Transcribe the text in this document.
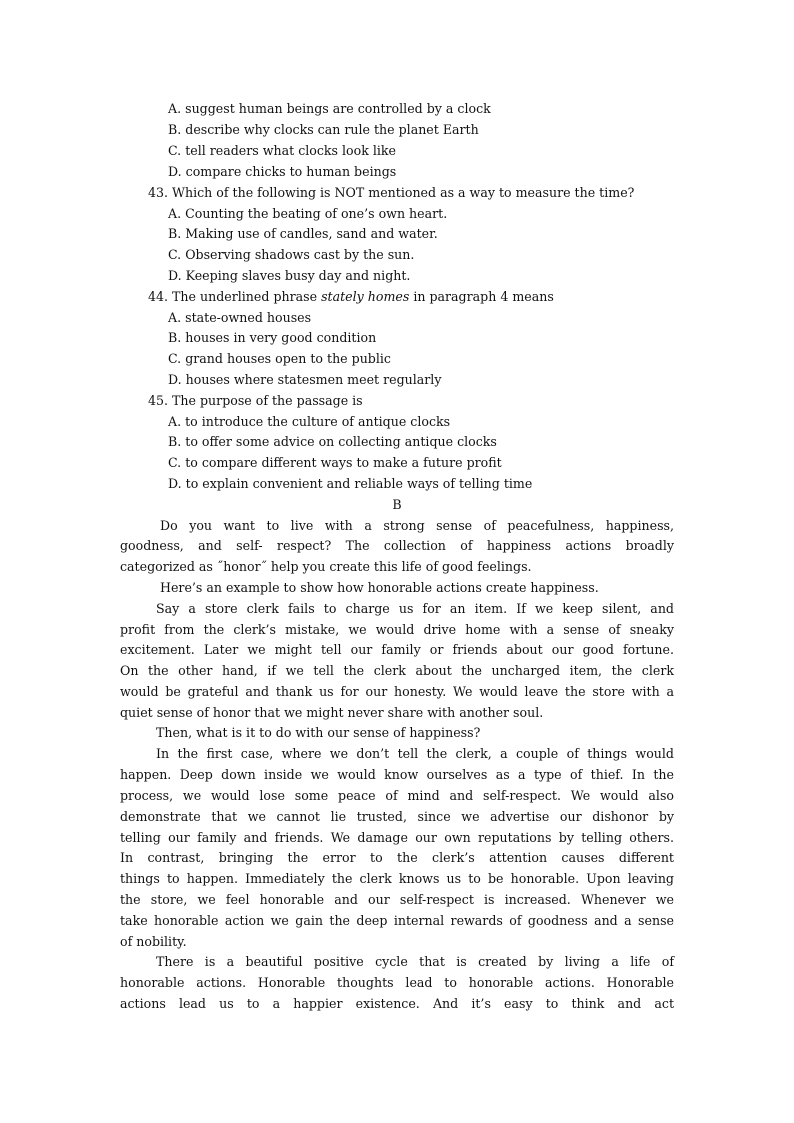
A. suggest human beings are controlled by a clock
B. describe why clocks can rule the planet Earth
C. tell readers what clocks look like
D. compare chicks to human beings
43. Which of the following is NOT mentioned as a way to measure the time?
A. Counting the beating of one’s own heart.
B. Making use of candles, sand and water.
C. Observing shadows cast by the sun.
D. Keeping slaves busy day and night.
44. The underlined phrase stately homes in paragraph 4 means
A. state-owned houses
B. houses in very good condition
C. grand houses open to the public
D. houses where statesmen meet regularly
45. The purpose of the passage is
A. to introduce the culture of antique clocks
B. to offer some advice on collecting antique clocks
C. to compare different ways to make a future profit
D. to explain convenient and reliable ways of telling time
B
Do you want to live with a strong sense of peacefulness, happiness,
goodness, and self- respect? The collection of happiness actions broadly
categorized as ˝honor˝ help you create this life of good feelings.
Here’s an example to show how honorable actions create happiness.
Say a store clerk fails to charge us for an item. If we keep silent, and
profit from the clerk’s mistake, we would drive home with a sense of sneaky
excitement. Later we might tell our family or friends about our good fortune.
On the other hand, if we tell the clerk about the uncharged item, the clerk
would be grateful and thank us for our honesty. We would leave the store with a
quiet sense of honor that we might never share with another soul.
Then, what is it to do with our sense of happiness?
In the first case, where we don’t tell the clerk, a couple of things would
happen. Deep down inside we would know ourselves as a type of thief. In the
process, we would lose some peace of mind and self-respect. We would also
demonstrate that we cannot lie trusted, since we advertise our dishonor by
telling our family and friends. We damage our own reputations by telling others.
In contrast, bringing the error to the clerk’s attention causes different
things to happen. Immediately the clerk knows us to be honorable. Upon leaving
the store, we feel honorable and our self-respect is increased. Whenever we
take honorable action we gain the deep internal rewards of goodness and a sense
of nobility.
There is a beautiful positive cycle that is created by living a life of
honorable actions. Honorable thoughts lead to honorable actions. Honorable
actions lead us to a happier existence. And it’s easy to think and act
